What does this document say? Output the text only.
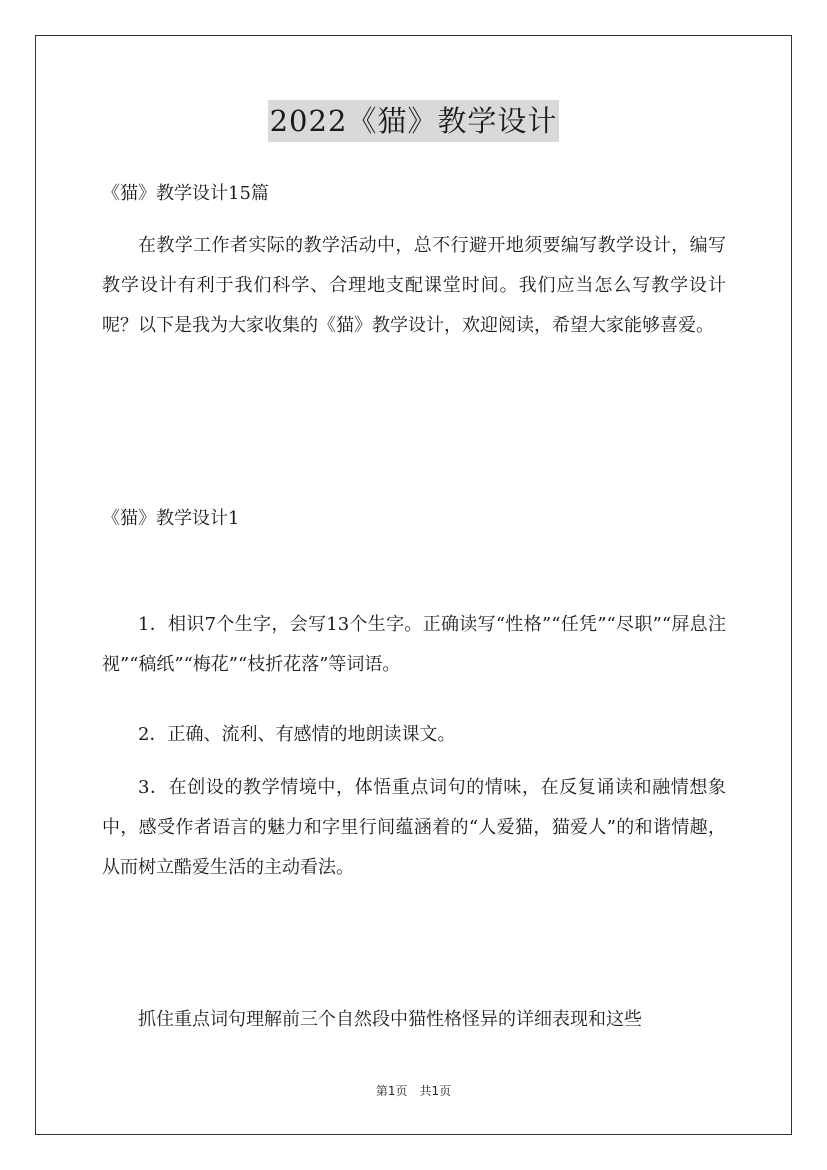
2022《猫》教学设计
《猫》教学设计15篇

在教学工作者实际的教学活动中，总不行避开地须要编写教学设计，编写教学设计有利于我们科学、合理地支配课堂时间。我们应当怎么写教学设计呢？以下是我为大家收集的《猫》教学设计，欢迎阅读，希望大家能够喜爱。

《猫》教学设计1

1．相识7个生字，会写13个生字。正确读写“性格”“任凭”“尽职”“屏息注视”“稿纸”“梅花”“枝折花落”等词语。

2．正确、流利、有感情的地朗读课文。

3．在创设的教学情境中，体悟重点词句的情味，在反复诵读和融情想象中，感受作者语言的魅力和字里行间蕴涵着的“人爱猫，猫爱人”的和谐情趣，从而树立酷爱生活的主动看法。

抓住重点词句理解前三个自然段中猫性格怪异的详细表现和这些

第1页 共1页
